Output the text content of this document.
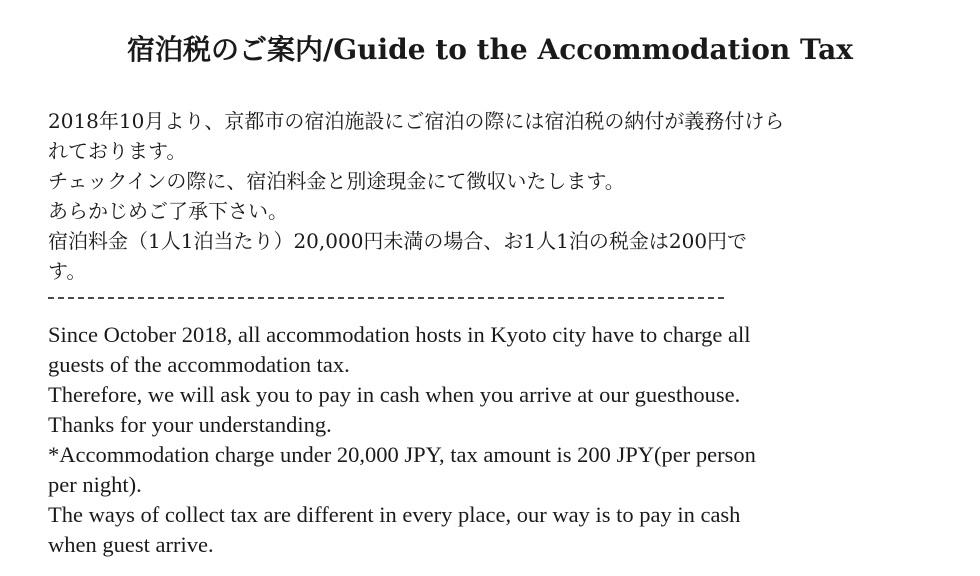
宿泊税のご案内/Guide to the Accommodation Tax
2018年10月より、京都市の宿泊施設にご宿泊の際には宿泊税の納付が義務付けら
れております。
チェックインの際に、宿泊料金と別途現金にて徴収いたします。
あらかじめご了承下さい。
宿泊料金（1人1泊当たり）20,000円未満の場合、お1人1泊の税金は200円で
す。
Since October 2018, all accommodation hosts in Kyoto city have to charge all
guests of the accommodation tax.
Therefore, we will ask you to pay in cash when you arrive at our guesthouse.
Thanks for your understanding.
*Accommodation charge under 20,000 JPY, tax amount is 200 JPY(per person
per night).
The ways of collect tax are different in every place, our way is to pay in cash
when guest arrive.
